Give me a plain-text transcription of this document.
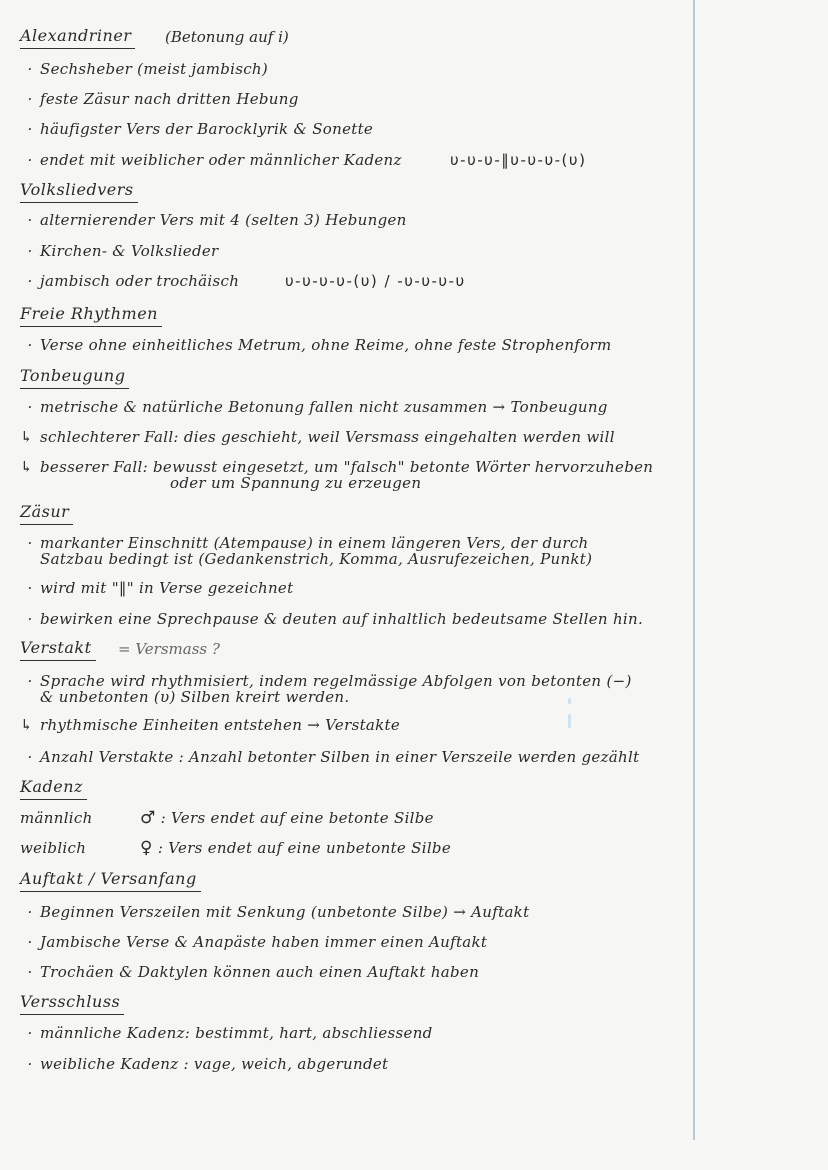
Alexandriner (Betonung auf i)
· Sechsheber (meist jambisch)
· feste Zäsur nach dritten Hebung
· häufigster Vers der Barocklyrik & Sonette
· endet mit weiblicher oder männlicher Kadenz	υ-υ-υ-‖υ-υ-υ-(υ)
Volksliedvers
· alternierender Vers mit 4 (selten 3) Hebungen
· Kirchen- & Volkslieder
· jambisch oder trochäisch	υ-υ-υ-υ-(υ) / -υ-υ-υ-υ
Freie Rhythmen
· Verse ohne einheitliches Metrum, ohne Reime, ohne feste Strophenform
Tonbeugung
· metrische & natürliche Betonung fallen nicht zusammen → Tonbeugung
↳ schlechterer Fall: dies geschieht, weil Versmass eingehalten werden will
↳ besserer Fall: bewusst eingesetzt, um "falsch" betonte Wörter hervorzuheben
oder um Spannung zu erzeugen
Zäsur
· markanter Einschnitt (Atempause) in einem längeren Vers, der durch
Satzbau bedingt ist (Gedankenstrich, Komma, Ausrufezeichen, Punkt)
· wird mit "‖" in Verse gezeichnet
· bewirken eine Sprechpause & deuten auf inhaltlich bedeutsame Stellen hin.
Verstakt = Versmass ?
· Sprache wird rhythmisiert, indem regelmässige Abfolgen von betonten (−)
& unbetonten (υ) Silben kreirt werden.
↳ rhythmische Einheiten entstehen → Verstakte
· Anzahl Verstakte : Anzahl betonter Silben in einer Verszeile werden gezählt
Kadenz
männlich	♂ : Vers endet auf eine betonte Silbe
weiblich	♀ : Vers endet auf eine unbetonte Silbe
Auftakt / Versanfang
· Beginnen Verszeilen mit Senkung (unbetonte Silbe) → Auftakt
· Jambische Verse & Anapäste haben immer einen Auftakt
· Trochäen & Daktylen können auch einen Auftakt haben
Versschluss
· männliche Kadenz: bestimmt, hart, abschliessend
· weibliche Kadenz : vage, weich, abgerundet
